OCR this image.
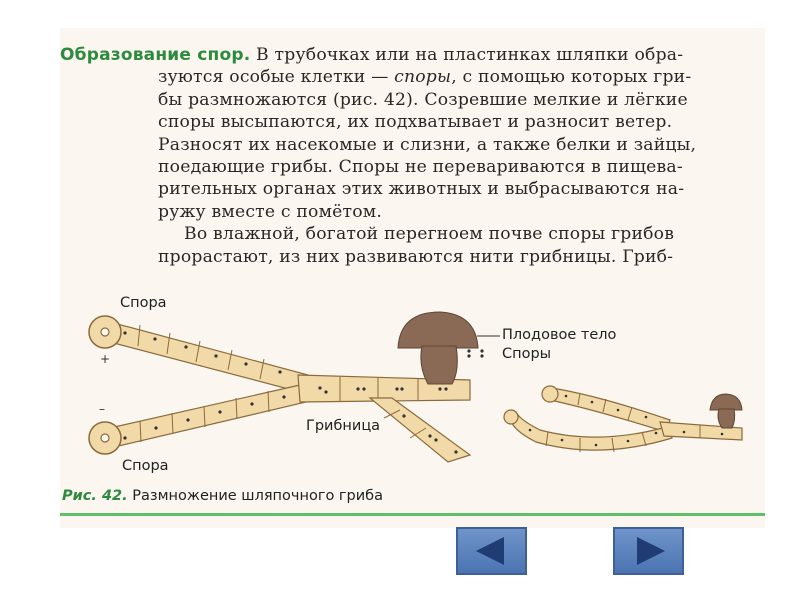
Образование спор. В трубочках или на пластинках шляпки обра-
зуются особые клетки — споры, с помощью которых гри-
бы размножаются (рис. 42). Созревшие мелкие и лёгкие
споры высыпаются, их подхватывает и разносит ветер.
Разносят их насекомые и слизни, а также белки и зайцы,
поедающие грибы. Споры не перевариваются в пищева-
рительных органах этих животных и выбрасываются на-
ружу вместе с помётом.
Во влажной, богатой перегноем почве споры грибов
прорастают, из них развиваются нити грибницы. Гриб-
Спора
Спора
+
–
Грибница
Плодовое тело
Споры
Рис. 42. Размножение шляпочного гриба
